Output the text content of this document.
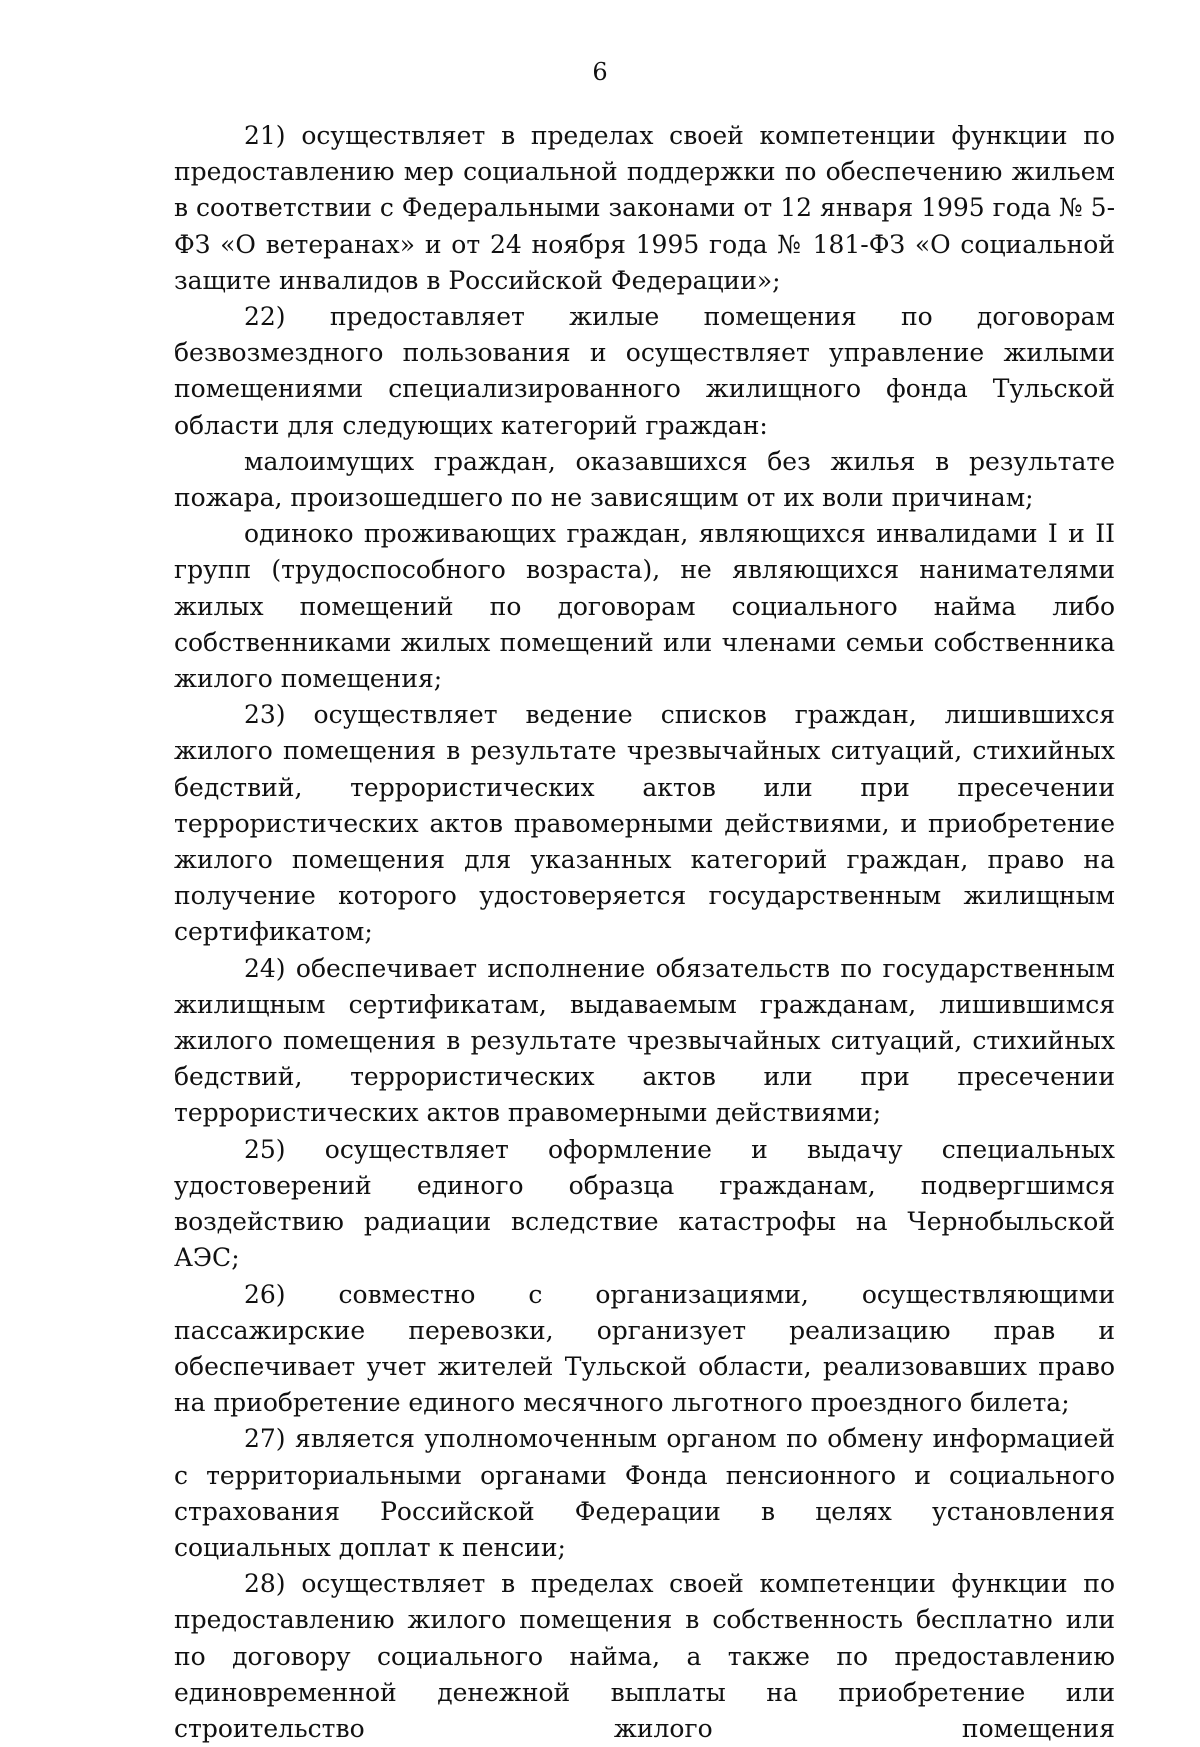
6

21) осуществляет в пределах своей компетенции функции по предоставлению мер социальной поддержки по обеспечению жильем в соответствии с Федеральными законами от 12 января 1995 года № 5-ФЗ «О ветеранах» и от 24 ноября 1995 года № 181-ФЗ «О социальной защите инвалидов в Российской Федерации»;

22) предоставляет жилые помещения по договорам безвозмездного пользования и осуществляет управление жилыми помещениями специализированного жилищного фонда Тульской области для следующих категорий граждан:

малоимущих граждан, оказавшихся без жилья в результате пожара, произошедшего по не зависящим от их воли причинам;

одиноко проживающих граждан, являющихся инвалидами I и II групп (трудоспособного возраста), не являющихся нанимателями жилых помещений по договорам социального найма либо собственниками жилых помещений или членами семьи собственника жилого помещения;

23) осуществляет ведение списков граждан, лишившихся жилого помещения в результате чрезвычайных ситуаций, стихийных бедствий, террористических актов или при пресечении террористических актов правомерными действиями, и приобретение жилого помещения для указанных категорий граждан, право на получение которого удостоверяется государственным жилищным сертификатом;

24) обеспечивает исполнение обязательств по государственным жилищным сертификатам, выдаваемым гражданам, лишившимся жилого помещения в результате чрезвычайных ситуаций, стихийных бедствий, террористических актов или при пресечении террористических актов правомерными действиями;

25) осуществляет оформление и выдачу специальных удостоверений единого образца гражданам, подвергшимся воздействию радиации вследствие катастрофы на Чернобыльской АЭС;

26) совместно с организациями, осуществляющими пассажирские перевозки, организует реализацию прав и обеспечивает учет жителей Тульской области, реализовавших право на приобретение единого месячного льготного проездного билета;

27) является уполномоченным органом по обмену информацией с территориальными органами Фонда пенсионного и социального страхования Российской Федерации в целях установления социальных доплат к пенсии;

28) осуществляет в пределах своей компетенции функции по предоставлению жилого помещения в собственность бесплатно или по договору социального найма, а также по предоставлению единовременной денежной выплаты на приобретение или строительство жилого помещения
